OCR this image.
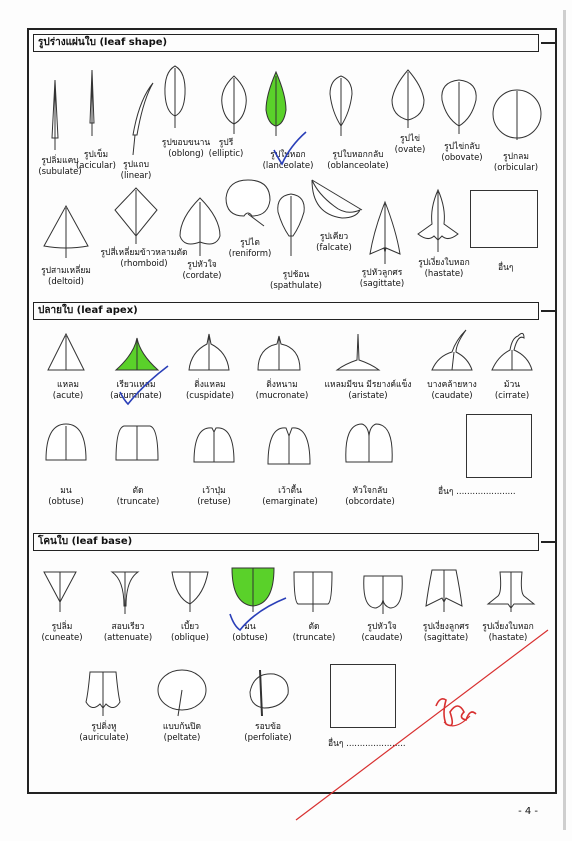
รูปร่างแผ่นใบ (leaf shape)
ปลายใบ (leaf apex)
โคนใบ (leaf base)
รูปลิ่มแคบ
(subulate)
รูปเข็ม
(acicular) รูปแถบ
(linear)
รูปขอบขนาน
(oblong)
รูปรี
(elliptic)	รูปใบหอก
(lanceolate)
รูปใบหอกกลับ
(oblanceolate)
รูปไข่
(ovate)	รูปไข่กลับ
(obovate)	รูปกลม
(orbicular)
รูปสามเหลี่ยม
(deltoid)
รูปสี่เหลี่ยมข้าวหลามตัด
(rhomboid)	รูปหัวใจ
(cordate)
รูปไต
(reniform)
รูปช้อน
(spathulate)
รูปเคียว
(falcate)
รูปหัวลูกศร
(sagittate)
รูปเงี่ยงใบหอก
(hastate)
แหลม
(acute)
เรียวแหลม
(acuminate)
ติ่งแหลม
(cuspidate)
ติ่งหนาม
(mucronate)
แหลมมีขน มีรยางค์แข็ง
(aristate)
บางคล้ายหาง
(caudate)
ม้วน
(cirrate)
มน
(obtuse)
ตัด
(truncate)
เว้าบุ๋ม
(retuse)
เว้าตื้น
(emarginate)
หัวใจกลับ
(obcordate)
รูปลิ่ม
(cuneate)
สอบเรียว
(attenuate)
เบี้ยว
(oblique)
มน
(obtuse)
ตัด
(truncate)
รูปหัวใจ
(caudate)
รูปเงี่ยงลูกศร
(sagittate)
รูปเงี่ยงใบหอก
(hastate)
รูปติ่งหู
(auriculate)
แบบก้นปิด
(peltate)
รอบข้อ
(perfoliate)
อื่นๆ
อื่นๆ ......................
อื่นๆ ......................
- 4 -
